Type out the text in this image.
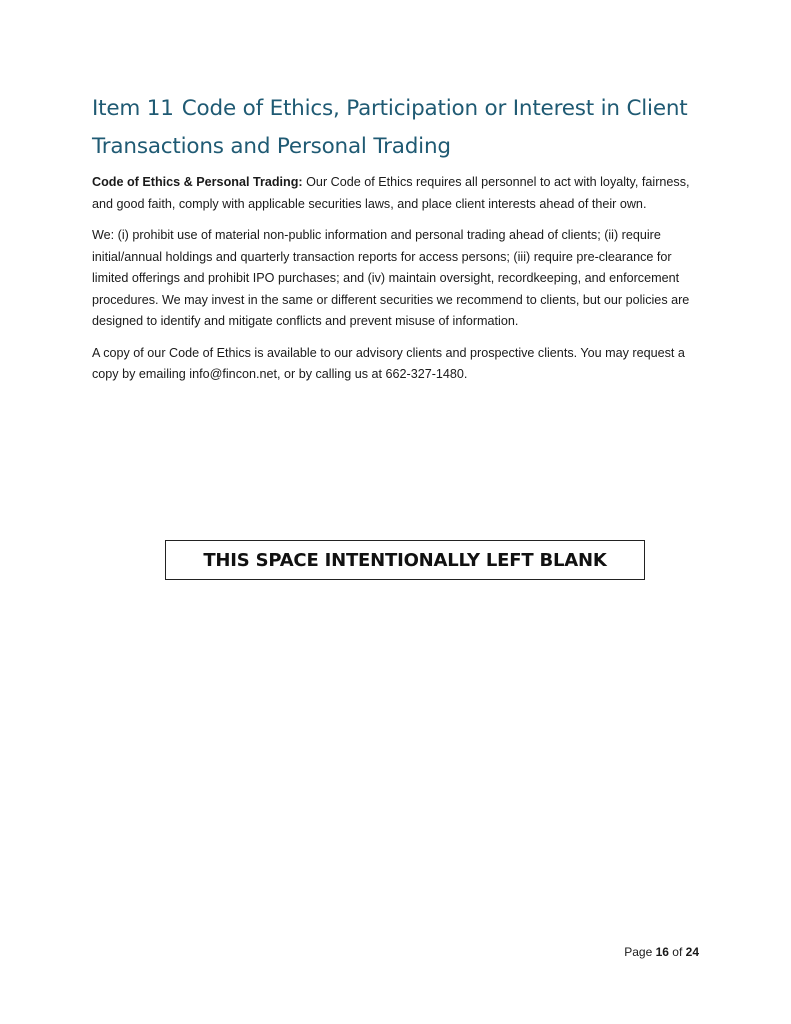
Item 11 Code of Ethics, Participation or Interest in Client Transactions and Personal Trading

Code of Ethics & Personal Trading: Our Code of Ethics requires all personnel to act with loyalty, fairness, and good faith, comply with applicable securities laws, and place client interests ahead of their own.

We: (i) prohibit use of material non-public information and personal trading ahead of clients; (ii) require initial/annual holdings and quarterly transaction reports for access persons; (iii) require pre-clearance for limited offerings and prohibit IPO purchases; and (iv) maintain oversight, recordkeeping, and enforcement procedures. We may invest in the same or different securities we recommend to clients, but our policies are designed to identify and mitigate conflicts and prevent misuse of information.

A copy of our Code of Ethics is available to our advisory clients and prospective clients. You may request a copy by emailing info@fincon.net, or by calling us at 662-327-1480.

THIS SPACE INTENTIONALLY LEFT BLANK
Page 16 of 24
